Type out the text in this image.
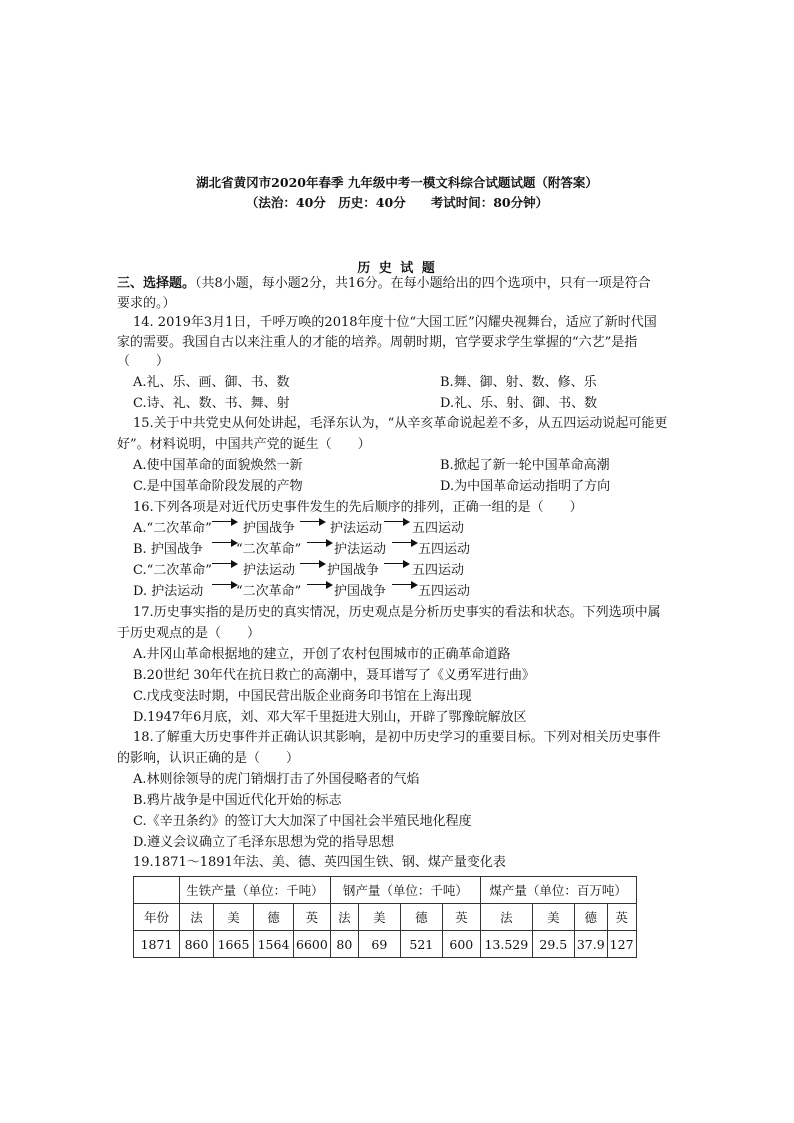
湖北省黄冈市2020年春季 九年级中考一模文科综合试题试题（附答案）
（法治：40分　历史：40分　　考试时间：80分钟）
历 史 试 题
三、选择题。（共8小题，每小题2分，共16分。在每小题给出的四个选项中，只有一项是符合
要求的。）
14. 2019年3月1日，千呼万唤的2018年度十位“大国工匠”闪耀央视舞台，适应了新时代国
家的需要。我国自古以来注重人的才能的培养。周朝时期，官学要求学生掌握的“六艺”是指
（　　）
A.礼、乐、画、御、书、数	B.舞、御、射、数、修、乐
C.诗、礼、数、书、舞、射	D.礼、乐、射、御、书、数
15.关于中共党史从何处讲起，毛泽东认为，“从辛亥革命说起差不多，从五四运动说起可能更
好”。材料说明，中国共产党的诞生（　　）
A.使中国革命的面貌焕然一新	B.掀起了新一轮中国革命高潮
C.是中国革命阶段发展的产物	D.为中国革命运动指明了方向
16.下列各项是对近代历史事件发生的先后顺序的排列，正确一组的是（　　）
A.“二次革命” 护国战争	护法运动 五四运动
B. 护国战争	“二次革命”	护法运动 五四运动
C.“二次革命” 护法运动 护国战争	五四运动
D. 护法运动	“二次革命”	护国战争 五四运动
17.历史事实指的是历史的真实情况，历史观点是分析历史事实的看法和状态。下列选项中属
于历史观点的是（　　）
A.井冈山革命根据地的建立，开创了农村包围城市的正确革命道路
B.20世纪 30年代在抗日救亡的高潮中，聂耳谱写了《义勇军进行曲》
C.戊戌变法时期，中国民营出版企业商务印书馆在上海出现
D.1947年6月底，刘、邓大军千里挺进大别山，开辟了鄂豫皖解放区
18.了解重大历史事件并正确认识其影响，是初中历史学习的重要目标。下列对相关历史事件
的影响，认识正确的是（　　）
A.林则徐领导的虎门销烟打击了外国侵略者的气焰
B.鸦片战争是中国近代化开始的标志
C.《辛丑条约》的签订大大加深了中国社会半殖民地化程度
D.遵义会议确立了毛泽东思想为党的指导思想
19.1871～1891年法、美、德、英四国生铁、钢、煤产量变化表
	生铁产量（单位：千吨）				钢产量（单位：千吨）				煤产量（单位：百万吨）			
年份	法	美	德	英	法	美	德	英	法	美	德	英
1871	860	1665	1564	6600	80	69	521	600	13.529	29.5	37.9	127
